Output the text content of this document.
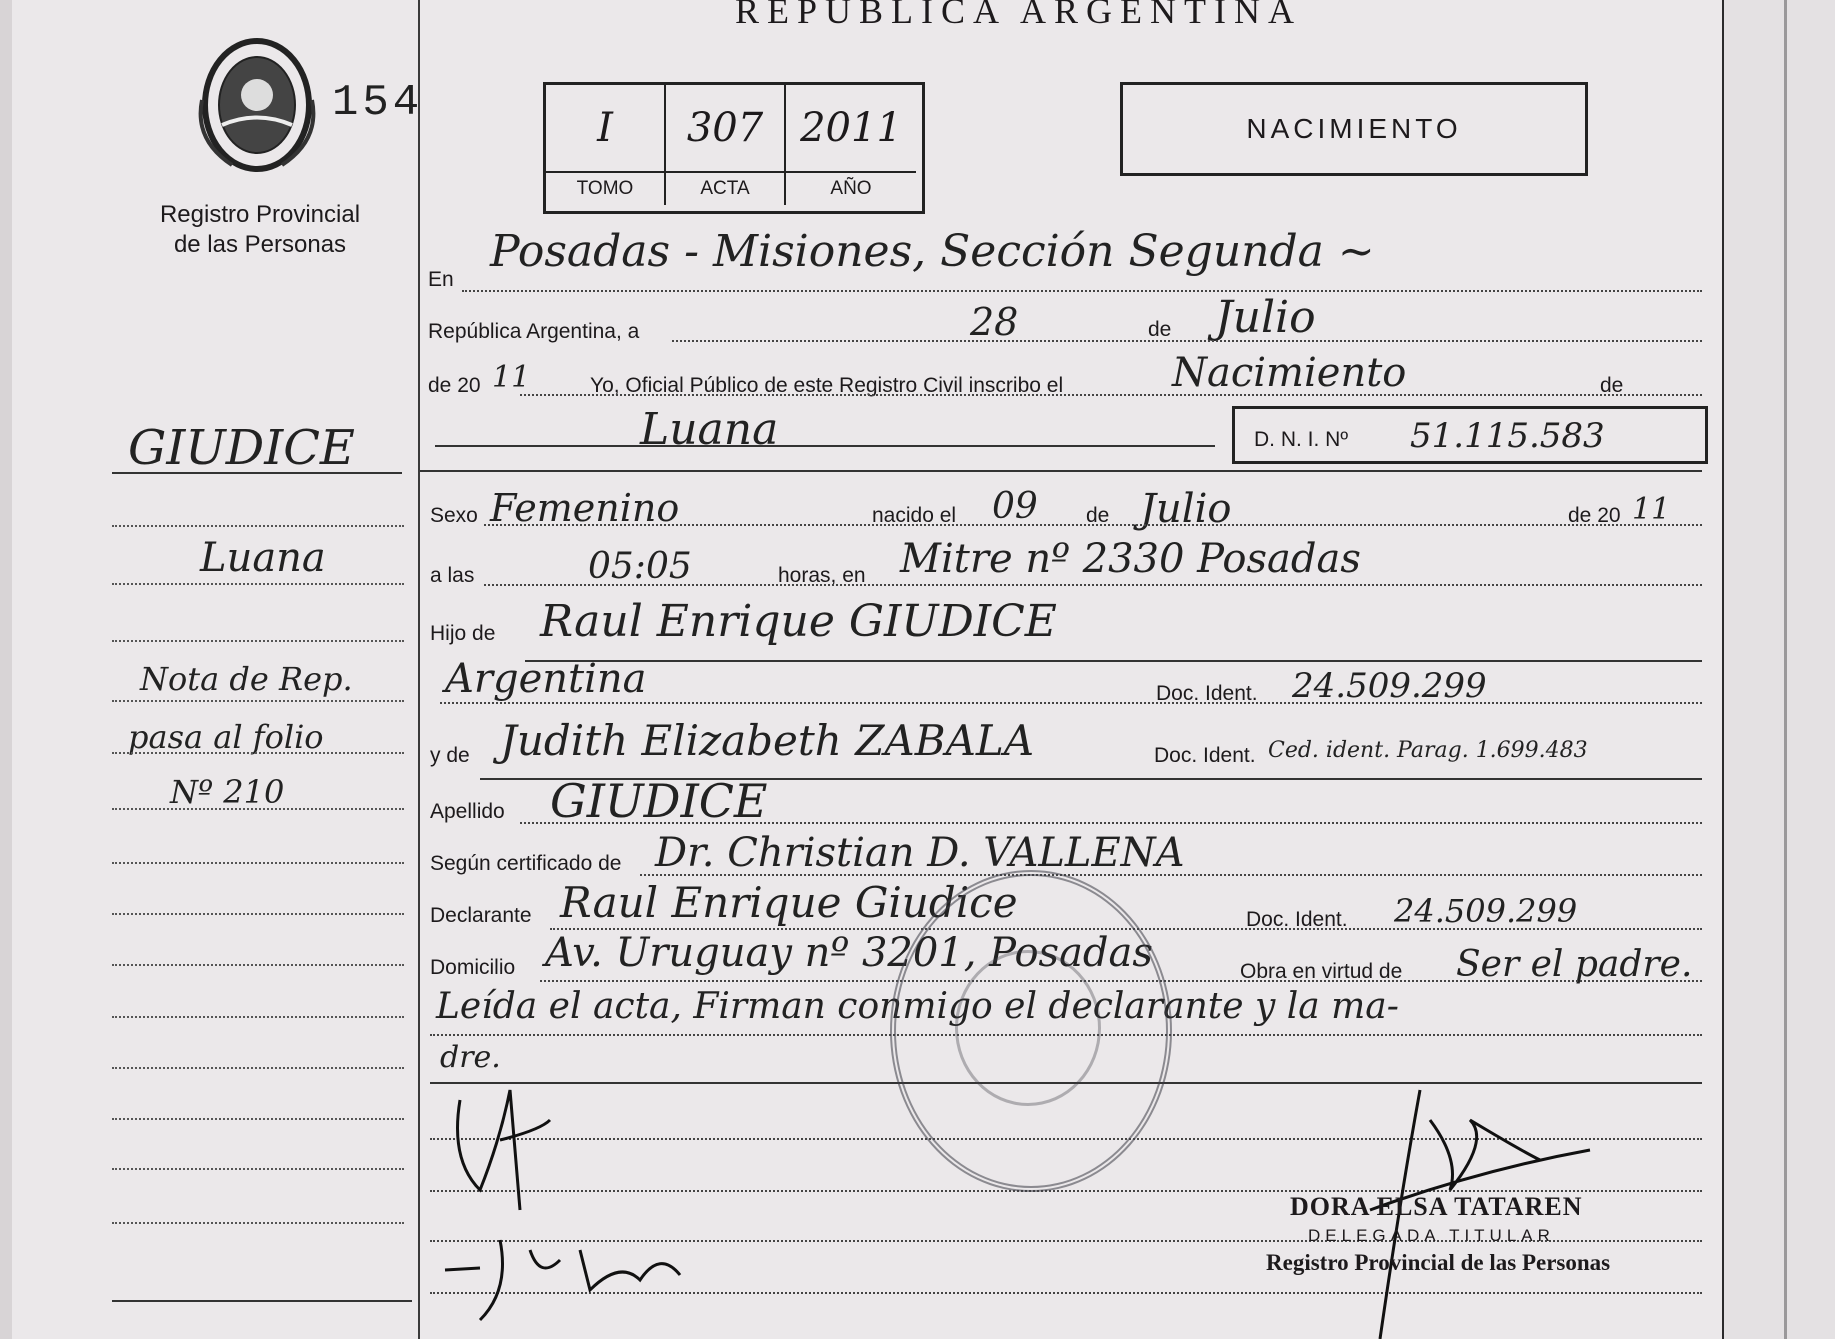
154
Registro Provincial
de las Personas
REPUBLICA ARGENTINA
I	307 2011
TOMO	ACTA	AÑO
NACIMIENTO
GIUDICE
Luana
Nota de Rep.
pasa al folio
Nº 210
En
Posadas - Misiones, Sección Segunda ~
República Argentina, a	28	de Julio
de 20 11	Yo, Oficial Público de este Registro Civil inscribo el	Nacimiento	de
Luana	D. N. I. Nº 51.115.583
Sexo Femenino	nacido el 09 de Julio	de 20 11
a las	05:05	horas, en Mitre nº 2330 Posadas
Hijo de Raul Enrique GIUDICE
Argentina	Doc. Ident. 24.509.299
y de Judith Elizabeth ZABALA	Doc. Ident. Ced. ident. Parag. 1.699.483
Apellido GIUDICE
Según certificado de Dr. Christian D. VALLENA
Declarante Raul Enrique Giudice	Doc. Ident. 24.509.299
Domicilio Av. Uruguay nº 3201, Posadas	Obra en virtud de Ser el padre.
Leída el acta, Firman conmigo el declarante y la ma-
dre.
DORA ELSA TATAREN
DELEGADA TITULAR
Registro Provincial de las Personas
